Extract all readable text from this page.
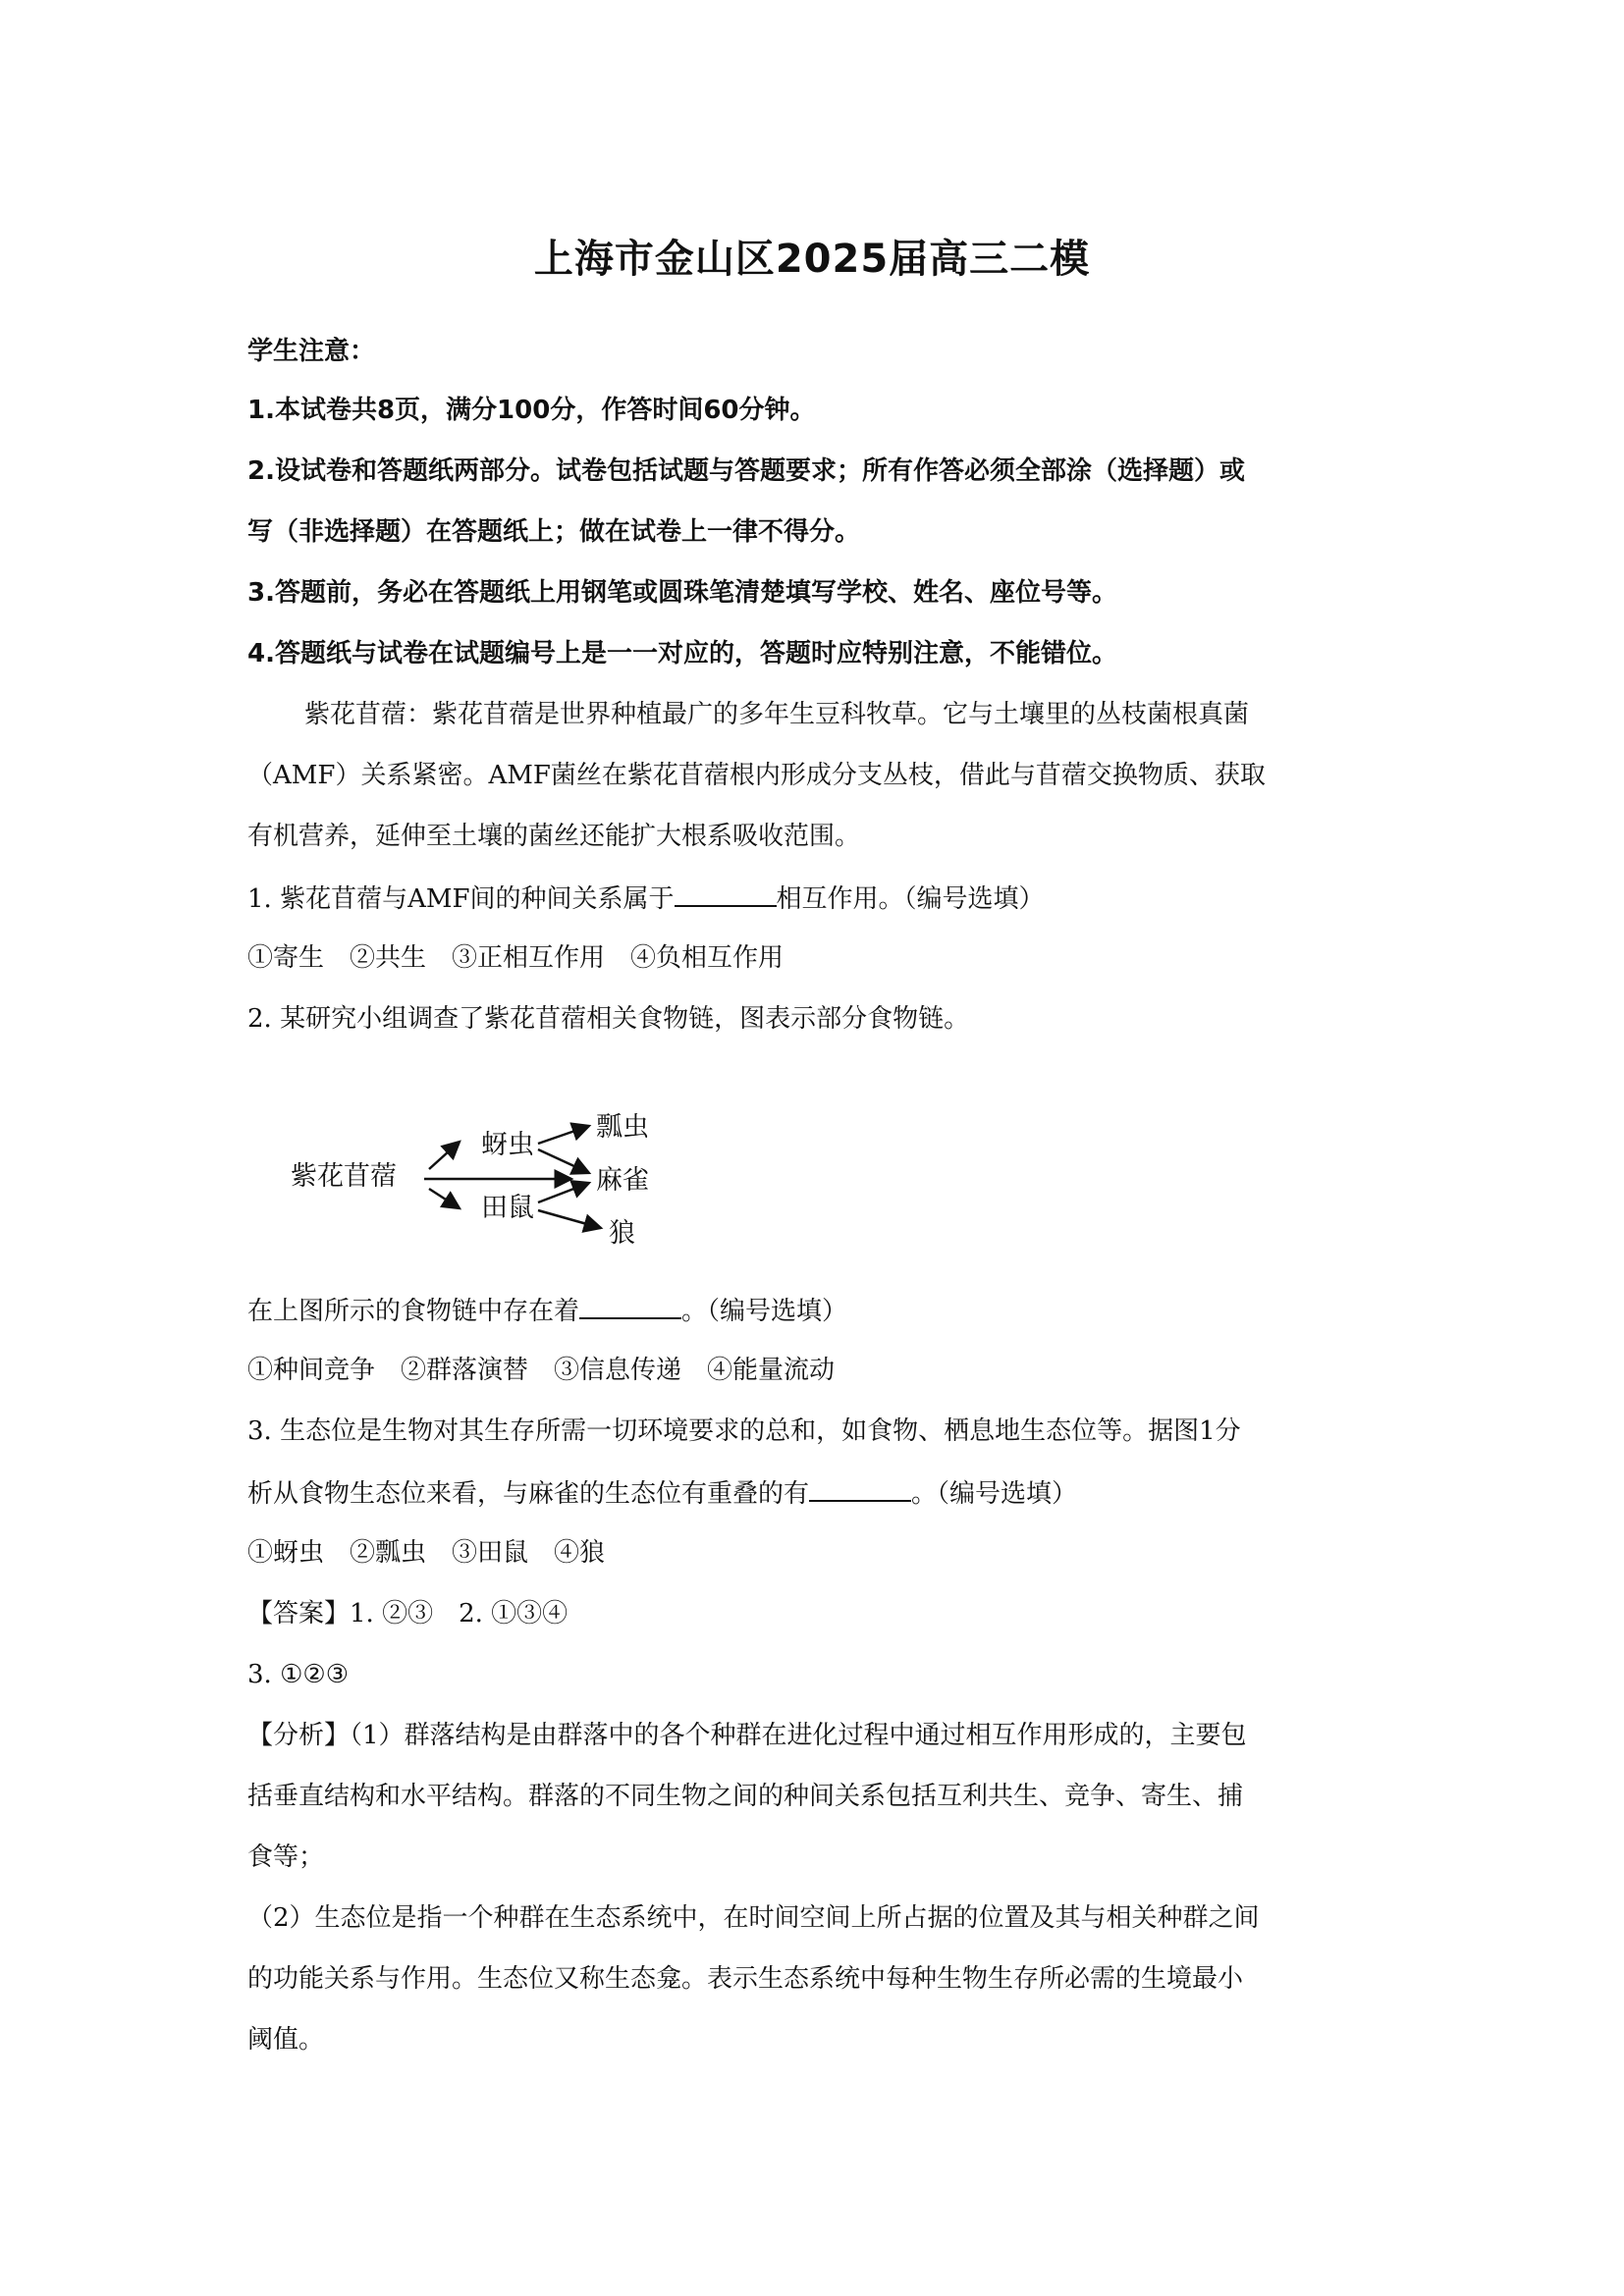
上海市金山区2025届高三二模

学生注意：

1.本试卷共8页，满分100分，作答时间60分钟。

2.设试卷和答题纸两部分。试卷包括试题与答题要求；所有作答必须全部涂（选择题）或

写（非选择题）在答题纸上；做在试卷上一律不得分。

3.答题前，务必在答题纸上用钢笔或圆珠笔清楚填写学校、姓名、座位号等。

4.答题纸与试卷在试题编号上是一一对应的，答题时应特别注意，不能错位。

紫花苜蓿：紫花苜蓿是世界种植最广的多年生豆科牧草。它与土壤里的丛枝菌根真菌

（AMF）关系紧密。AMF菌丝在紫花苜蓿根内形成分支丛枝，借此与苜蓿交换物质、获取

有机营养，延伸至土壤的菌丝还能扩大根系吸收范围。

1. 紫花苜蓿与AMF间的种间关系属于	相互作用。（编号选填）

①寄生 ②共生 ③正相互作用 ④负相互作用

2. 某研究小组调查了紫花苜蓿相关食物链，图表示部分食物链。

紫花苜蓿
蚜虫
田鼠
瓢虫
麻雀
狼

在上图所示的食物链中存在着	。（编号选填）

①种间竞争 ②群落演替 ③信息传递 ④能量流动

3. 生态位是生物对其生存所需一切环境要求的总和，如食物、栖息地生态位等。据图1分

析从食物生态位来看，与麻雀的生态位有重叠的有	。（编号选填）

①蚜虫 ②瓢虫 ③田鼠 ④狼

【答案】1. ②③　2. ①③④

3. ①②③

【分析】（1）群落结构是由群落中的各个种群在进化过程中通过相互作用形成的，主要包

括垂直结构和水平结构。群落的不同生物之间的种间关系包括互利共生、竞争、寄生、捕

食等；

（2）生态位是指一个种群在生态系统中，在时间空间上所占据的位置及其与相关种群之间

的功能关系与作用。生态位又称生态龛。表示生态系统中每种生物生存所必需的生境最小

阈值。
